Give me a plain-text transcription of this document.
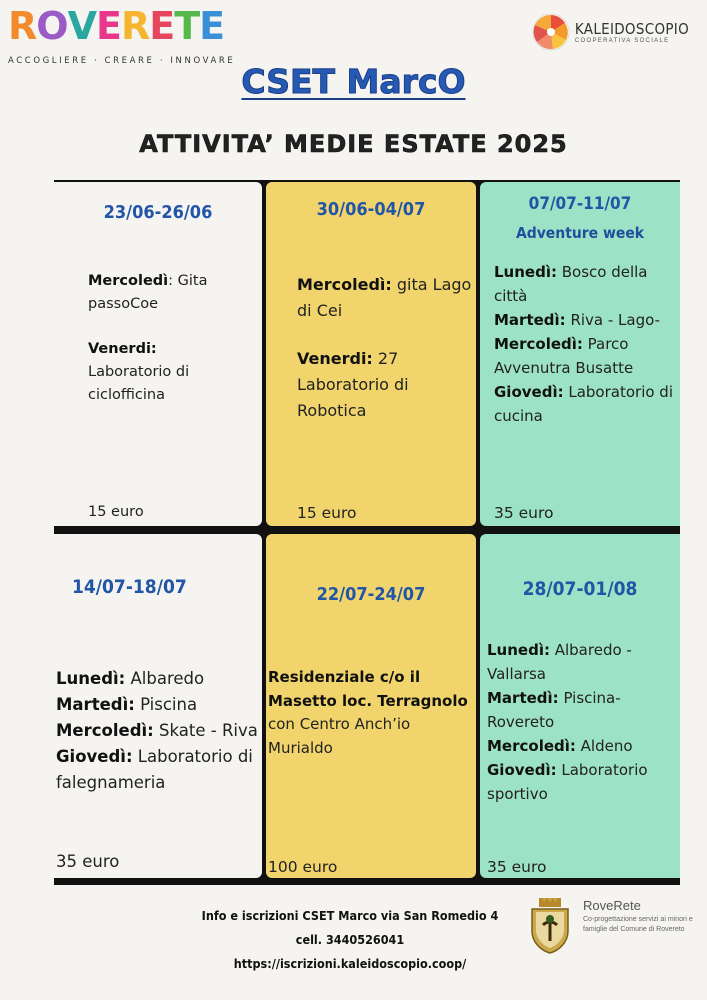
R O V E R E T E
ACCOGLIERE · CREARE · INNOVARE
KALEIDOSCOPIO
COOPERATIVA SOCIALE
CSET MarcO
ATTIVITA’ MEDIE ESTATE 2025
23/06-26/06
Mercoledì: Gita passoCoe
Venerdi:
Laboratorio di ciclofficina
15 euro
30/06-04/07
Mercoledì: gita Lago di Cei
Venerdi: 27 Laboratorio di Robotica
15 euro
07/07-11/07
Adventure week
Lunedì: Bosco della città
Martedì: Riva - Lago-
Mercoledì: Parco Avvenutra Busatte
Giovedì: Laboratorio di cucina
35 euro
14/07-18/07
Lunedì: Albaredo
Martedì: Piscina
Mercoledì: Skate - Riva
Giovedì: Laboratorio di falegnameria
35 euro
22/07-24/07
Residenziale c/o il Masetto loc. Terragnolo
con Centro Anch’io Murialdo
100 euro
28/07-01/08
Lunedì: Albaredo - Vallarsa
Martedì: Piscina-Rovereto
Mercoledì: Aldeno
Giovedì: Laboratorio sportivo
35 euro
Info e iscrizioni CSET Marco via San Romedio 4
cell. 3440526041
https://iscrizioni.kaleidoscopio.coop/
RoveRete
Co-progettazione servizi ai minori e famiglie del Comune di Rovereto
